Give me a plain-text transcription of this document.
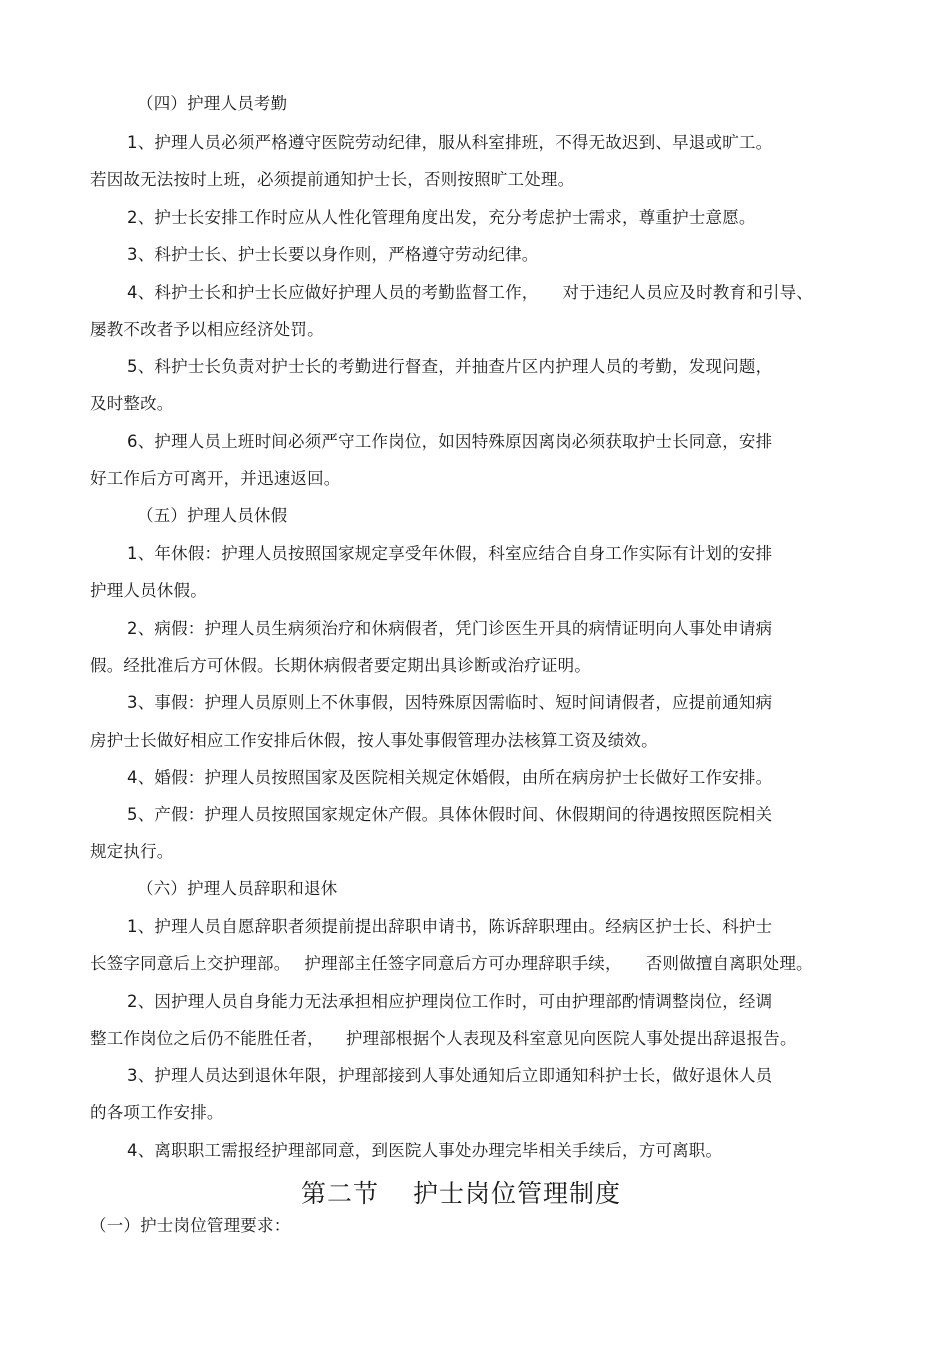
（四）护理人员考勤
1、护理人员必须严格遵守医院劳动纪律，服从科室排班，不得无故迟到、早退或旷工。
若因故无法按时上班，必须提前通知护士长，否则按照旷工处理。
2、护士长安排工作时应从人性化管理角度出发，充分考虑护士需求，尊重护士意愿。
3、科护士长、护士长要以身作则，严格遵守劳动纪律。
4、科护士长和护士长应做好护理人员的考勤监督工作， 对于违纪人员应及时教育和引导、
屡教不改者予以相应经济处罚。
5、科护士长负责对护士长的考勤进行督查，并抽查片区内护理人员的考勤，发现问题，
及时整改。
6、护理人员上班时间必须严守工作岗位，如因特殊原因离岗必须获取护士长同意，安排
好工作后方可离开，并迅速返回。
（五）护理人员休假
1、年休假：护理人员按照国家规定享受年休假，科室应结合自身工作实际有计划的安排
护理人员休假。
2、病假：护理人员生病须治疗和休病假者，凭门诊医生开具的病情证明向人事处申请病
假。经批准后方可休假。长期休病假者要定期出具诊断或治疗证明。
3、事假：护理人员原则上不休事假，因特殊原因需临时、短时间请假者，应提前通知病
房护士长做好相应工作安排后休假，按人事处事假管理办法核算工资及绩效。
4、婚假：护理人员按照国家及医院相关规定休婚假，由所在病房护士长做好工作安排。
5、产假：护理人员按照国家规定休产假。具体休假时间、休假期间的待遇按照医院相关
规定执行。
（六）护理人员辞职和退休
1、护理人员自愿辞职者须提前提出辞职申请书，陈诉辞职理由。经病区护士长、科护士
长签字同意后上交护理部。 护理部主任签字同意后方可办理辞职手续， 否则做擅自离职处理。
2、因护理人员自身能力无法承担相应护理岗位工作时，可由护理部酌情调整岗位，经调
整工作岗位之后仍不能胜任者， 护理部根据个人表现及科室意见向医院人事处提出辞退报告。
3、护理人员达到退休年限，护理部接到人事处通知后立即通知科护士长，做好退休人员
的各项工作安排。
4、离职职工需报经护理部同意，到医院人事处办理完毕相关手续后，方可离职。
第二节 护士岗位管理制度
（一）护士岗位管理要求：
